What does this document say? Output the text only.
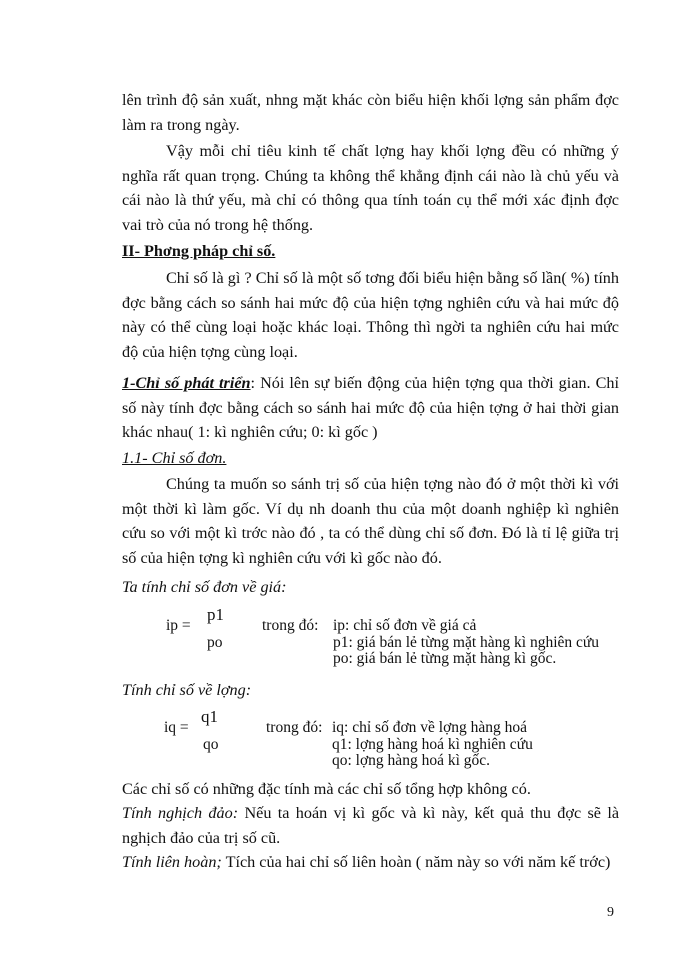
lên trình độ sản xuất, nhng mặt khác còn biểu hiện khối lợng sản phẩm đợc làm ra trong ngày.

Vậy mỗi chỉ tiêu kinh tế chất lợng hay khối lợng đều có những ý nghĩa rất quan trọng. Chúng ta không thể khẳng định cái nào là chủ yếu và cái nào là thứ yếu, mà chỉ có thông qua tính toán cụ thể mới xác định đợc vai trò của nó trong hệ thống.

II- Phơng pháp chỉ số.

Chỉ số là gì ? Chỉ số là một số tơng đối biểu hiện bằng số lần( %) tính đợc bằng cách so sánh hai mức độ của hiện tợng nghiên cứu và hai mức độ này có thể cùng loại hoặc khác loại. Thông thì ngời ta nghiên cứu hai mức độ của hiện tợng cùng loại.

1-Chỉ số phát triển: Nói lên sự biến động của hiện tợng qua thời gian. Chỉ số này tính đợc bằng cách so sánh hai mức độ của hiện tợng ở hai thời gian khác nhau( 1: kì nghiên cứu; 0: kì gốc )

1.1- Chỉ số đơn.

Chúng ta muốn so sánh trị số của hiện tợng nào đó ở một thời kì với một thời kì làm gốc. Ví dụ nh doanh thu của một doanh nghiệp kì nghiên cứu so với một kì trớc nào đó , ta có thể dùng chỉ số đơn. Đó là tỉ lệ giữa trị số của hiện tợng kì nghiên cứu với kì gốc nào đó.

Ta tính chỉ số đơn về giá:

ip =
p1
po
trong đó: ip: chỉ số đơn về giá cả
p1: giá bán lẻ từng mặt hàng kì nghiên cứu
po: giá bán lẻ từng mặt hàng kì gốc.

Tính chỉ số về lợng:

iq =
q1
qo
trong đó: iq: chỉ số đơn về lợng hàng hoá
q1: lợng hàng hoá kì nghiên cứu
qo: lợng hàng hoá kì gốc.

Các chỉ số có những đặc tính mà các chỉ số tổng hợp không có.

Tính nghịch đảo: Nếu ta hoán vị kì gốc và kì này, kết quả thu đợc sẽ là nghịch đảo của trị số cũ.

Tính liên hoàn; Tích của hai chỉ số liên hoàn ( năm này so với năm kế trớc)

9
